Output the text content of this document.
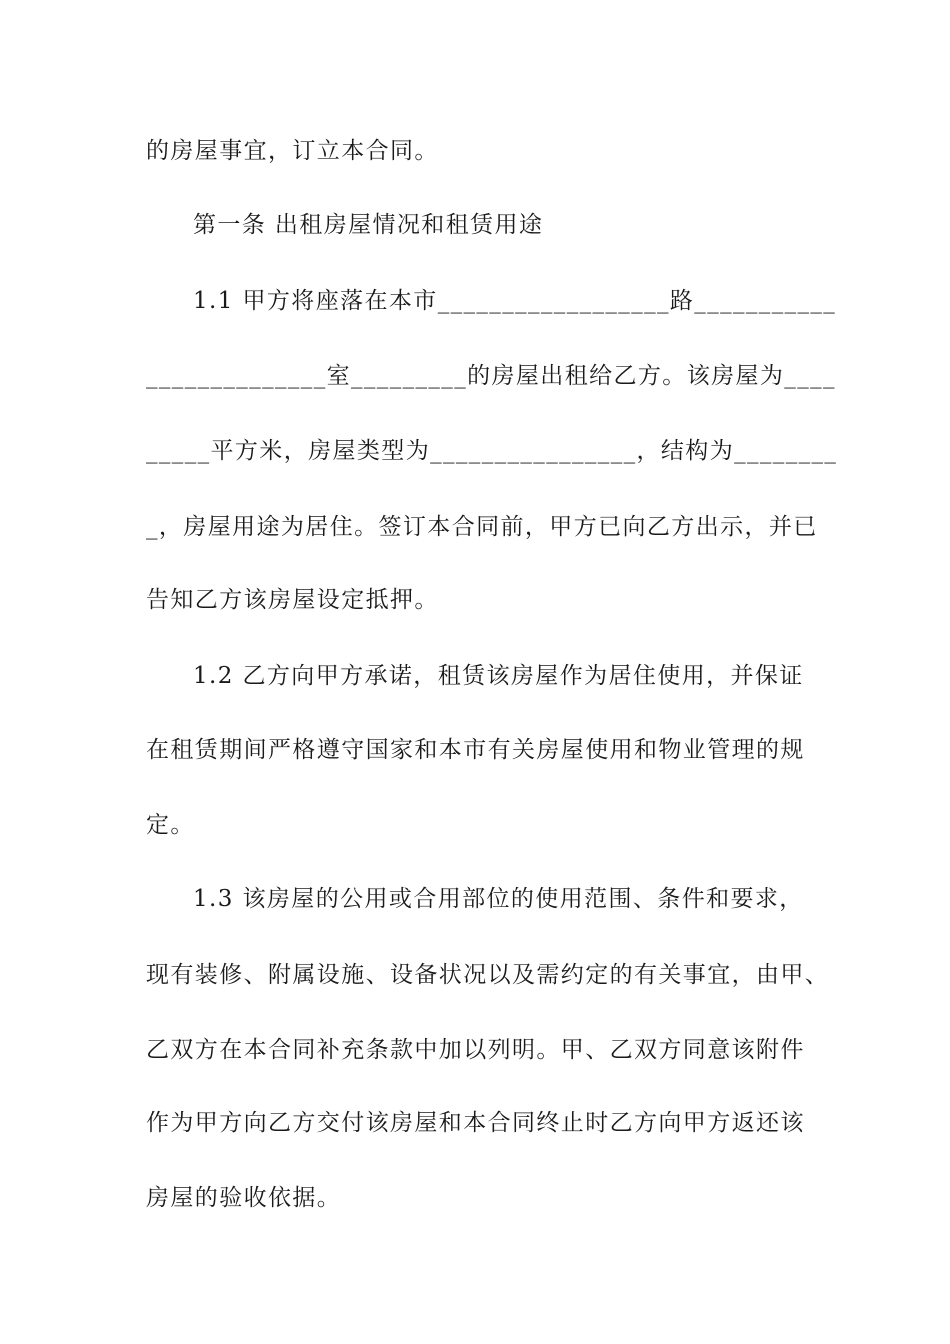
的房屋事宜，订立本合同。
第一条 出租房屋情况和租赁用途
1.1 甲方将座落在本市__________________路___________
______________室_________的房屋出租给乙方。该房屋为____
_____平方米，房屋类型为________________，结构为________
_，房屋用途为居住。签订本合同前，甲方已向乙方出示，并已
告知乙方该房屋设定抵押。
1.2 乙方向甲方承诺，租赁该房屋作为居住使用，并保证
在租赁期间严格遵守国家和本市有关房屋使用和物业管理的规
定。
1.3 该房屋的公用或合用部位的使用范围、条件和要求，
现有装修、附属设施、设备状况以及需约定的有关事宜，由甲、
乙双方在本合同补充条款中加以列明。甲、乙双方同意该附件
作为甲方向乙方交付该房屋和本合同终止时乙方向甲方返还该
房屋的验收依据。
